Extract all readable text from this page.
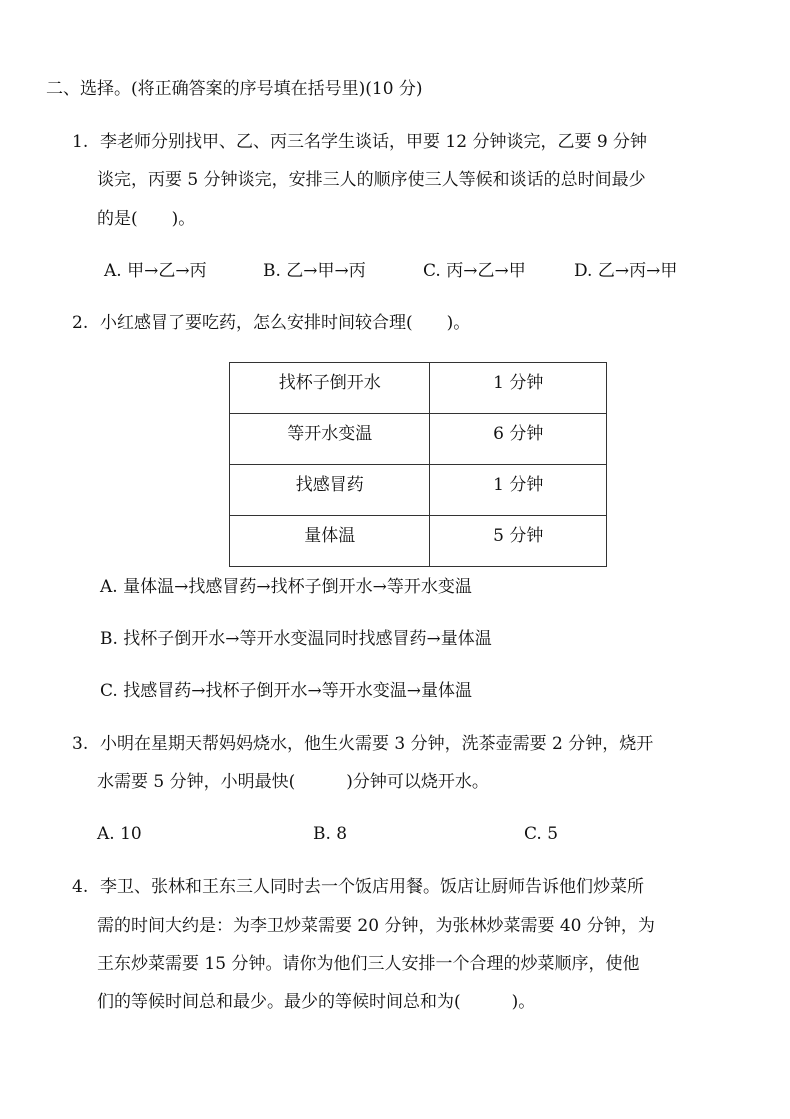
二、选择。(将正确答案的序号填在括号里)(10 分)
1. 李老师分别找甲、乙、丙三名学生谈话，甲要 12 分钟谈完，乙要 9 分钟
谈完，丙要 5 分钟谈完，安排三人的顺序使三人等候和谈话的总时间最少
的是(　　)。
A. 甲→乙→丙	B. 乙→甲→丙	C. 丙→乙→甲	D. 乙→丙→甲
2. 小红感冒了要吃药，怎么安排时间较合理(　　)。
找杯子倒开水	1 分钟
等开水变温	6 分钟
找感冒药	1 分钟
量体温	5 分钟
A. 量体温→找感冒药→找杯子倒开水→等开水变温
B. 找杯子倒开水→等开水变温同时找感冒药→量体温
C. 找感冒药→找杯子倒开水→等开水变温→量体温
3. 小明在星期天帮妈妈烧水，他生火需要 3 分钟，洗茶壶需要 2 分钟，烧开
水需要 5 分钟，小明最快(　　　)分钟可以烧开水。
A. 10	B. 8	C. 5
4. 李卫、张林和王东三人同时去一个饭店用餐。饭店让厨师告诉他们炒菜所
需的时间大约是：为李卫炒菜需要 20 分钟，为张林炒菜需要 40 分钟，为
王东炒菜需要 15 分钟。请你为他们三人安排一个合理的炒菜顺序，使他
们的等候时间总和最少。最少的等候时间总和为(　　　)。
